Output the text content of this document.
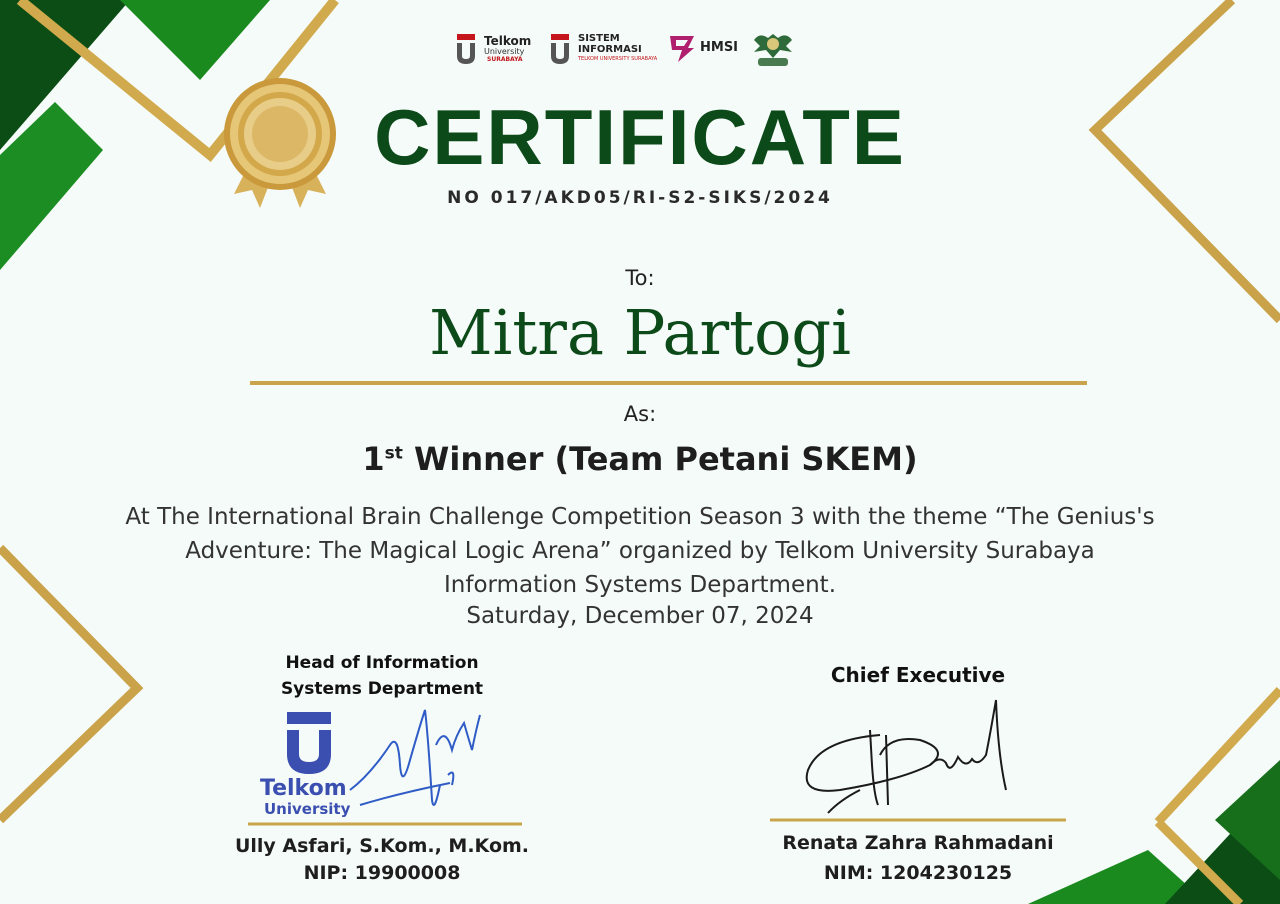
Telkom
University
SURABAYA
SISTEM
INFORMASI
TELKOM UNIVERSITY SURABAYA
HMSI
CERTIFICATE
NO 017/AKD05/RI-S2-SIKS/2024
To:
Mitra Partogi
As:
1st Winner (Team Petani SKEM)
At The International Brain Challenge Competition Season 3 with the theme “The Genius's Adventure: The Magical Logic Arena” organized by Telkom University Surabaya Information Systems Department.
Saturday, December 07, 2024
Head of Information
Systems Department
Telkom
University
Ully Asfari, S.Kom., M.Kom.
NIP: 19900008
Chief Executive
Renata Zahra Rahmadani
NIM: 1204230125
